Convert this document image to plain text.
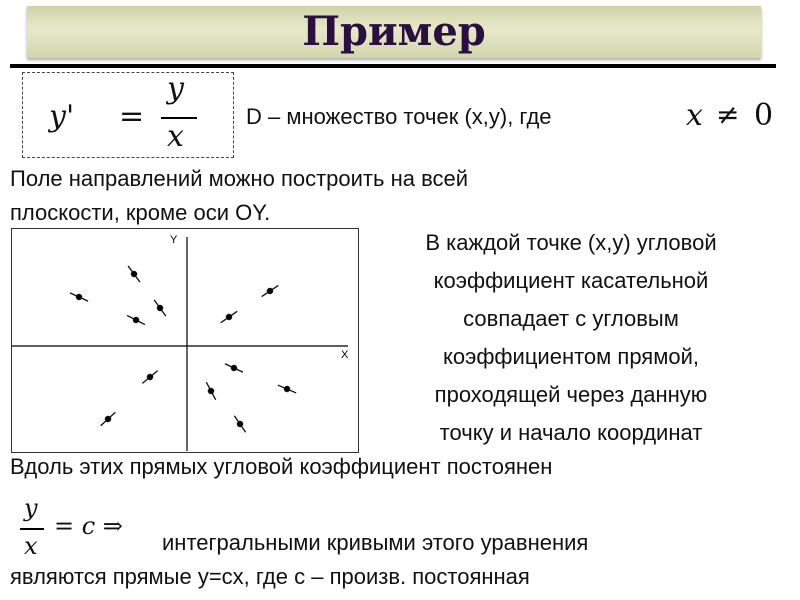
Пример
y' =
y
x
D – множество точек (x,y), где	x ≠ 0
Поле направлений можно построить на всей
плоскости, кроме оси OY.
Y
X
В каждой точке (x,y) угловой
коэффициент касательной
совпадает с угловым
коэффициентом прямой,
проходящей через данную
точку и начало координат
Вдоль этих прямых угловой коэффициент постоянен
y
x
= c ⇒
интегральными кривыми этого уравнения
являются прямые y=cx, где c – произв. постоянная
